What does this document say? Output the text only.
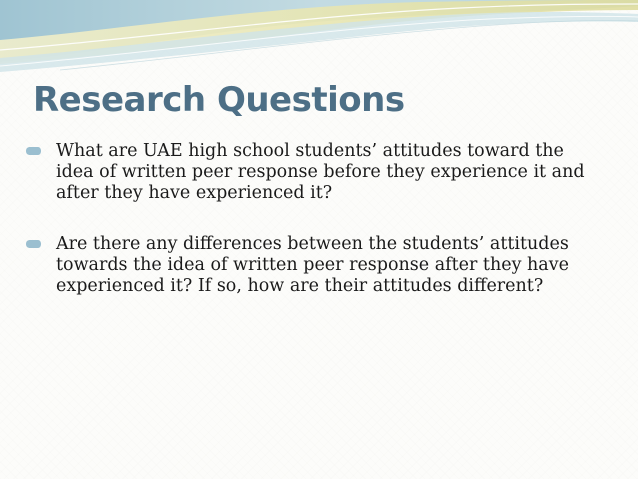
Research Questions
What are UAE high school students’ attitudes toward the idea of written peer response before they experience it and after they have experienced it?
Are there any differences between the students’ attitudes towards the idea of written peer response after they have experienced it? If so, how are their attitudes different?
